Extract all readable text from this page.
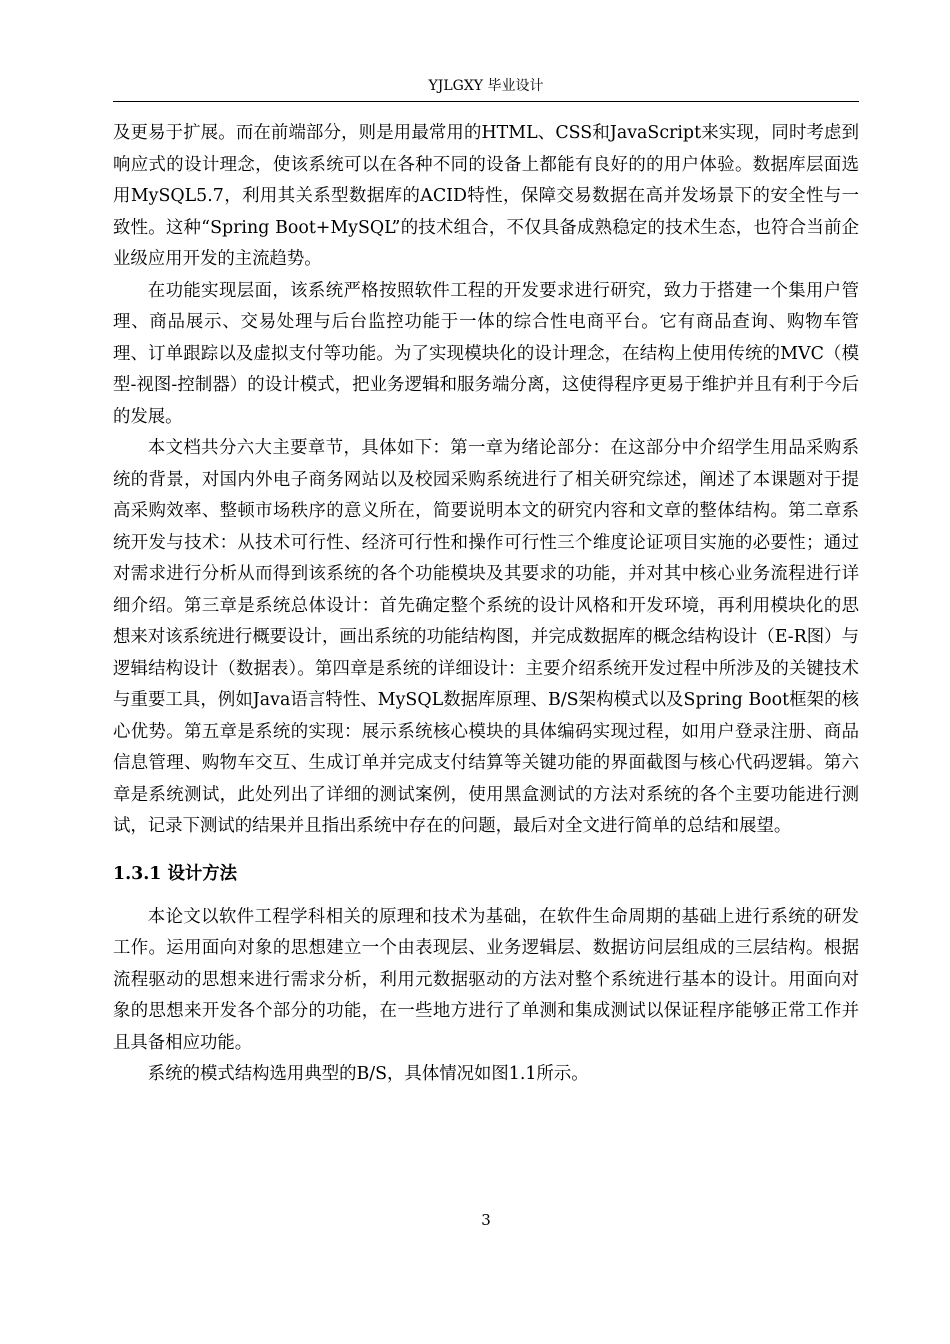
YJLGXY 毕业设计

及更易于扩展。而在前端部分，则是用最常用的HTML、CSS和JavaScript来实现，同时考虑到响应式的设计理念，使该系统可以在各种不同的设备上都能有良好的的用户体验。数据库层面选用MySQL5.7，利用其关系型数据库的ACID特性，保障交易数据在高并发场景下的安全性与一致性。这种“Spring Boot+MySQL”的技术组合，不仅具备成熟稳定的技术生态，也符合当前企业级应用开发的主流趋势。

在功能实现层面，该系统严格按照软件工程的开发要求进行研究，致力于搭建一个集用户管理、商品展示、交易处理与后台监控功能于一体的综合性电商平台。它有商品查询、购物车管理、订单跟踪以及虚拟支付等功能。为了实现模块化的设计理念，在结构上使用传统的MVC（模型-视图-控制器）的设计模式，把业务逻辑和服务端分离，这使得程序更易于维护并且有利于今后的发展。

本文档共分六大主要章节，具体如下：第一章为绪论部分：在这部分中介绍学生用品采购系统的背景，对国内外电子商务网站以及校园采购系统进行了相关研究综述，阐述了本课题对于提高采购效率、整顿市场秩序的意义所在，简要说明本文的研究内容和文章的整体结构。第二章系统开发与技术：从技术可行性、经济可行性和操作可行性三个维度论证项目实施的必要性；通过对需求进行分析从而得到该系统的各个功能模块及其要求的功能，并对其中核心业务流程进行详细介绍。第三章是系统总体设计：首先确定整个系统的设计风格和开发环境，再利用模块化的思想来对该系统进行概要设计，画出系统的功能结构图，并完成数据库的概念结构设计（E-R图）与逻辑结构设计（数据表）。第四章是系统的详细设计：主要介绍系统开发过程中所涉及的关键技术与重要工具，例如Java语言特性、MySQL数据库原理、B/S架构模式以及Spring Boot框架的核心优势。第五章是系统的实现：展示系统核心模块的具体编码实现过程，如用户登录注册、商品信息管理、购物车交互、生成订单并完成支付结算等关键功能的界面截图与核心代码逻辑。第六章是系统测试，此处列出了详细的测试案例，使用黑盒测试的方法对系统的各个主要功能进行测试，记录下测试的结果并且指出系统中存在的问题，最后对全文进行简单的总结和展望。

1.3.1 设计方法

本论文以软件工程学科相关的原理和技术为基础，在软件生命周期的基础上进行系统的研发工作。运用面向对象的思想建立一个由表现层、业务逻辑层、数据访问层组成的三层结构。根据流程驱动的思想来进行需求分析，利用元数据驱动的方法对整个系统进行基本的设计。用面向对象的思想来开发各个部分的功能，在一些地方进行了单测和集成测试以保证程序能够正常工作并且具备相应功能。

系统的模式结构选用典型的B/S，具体情况如图1.1所示。

3
